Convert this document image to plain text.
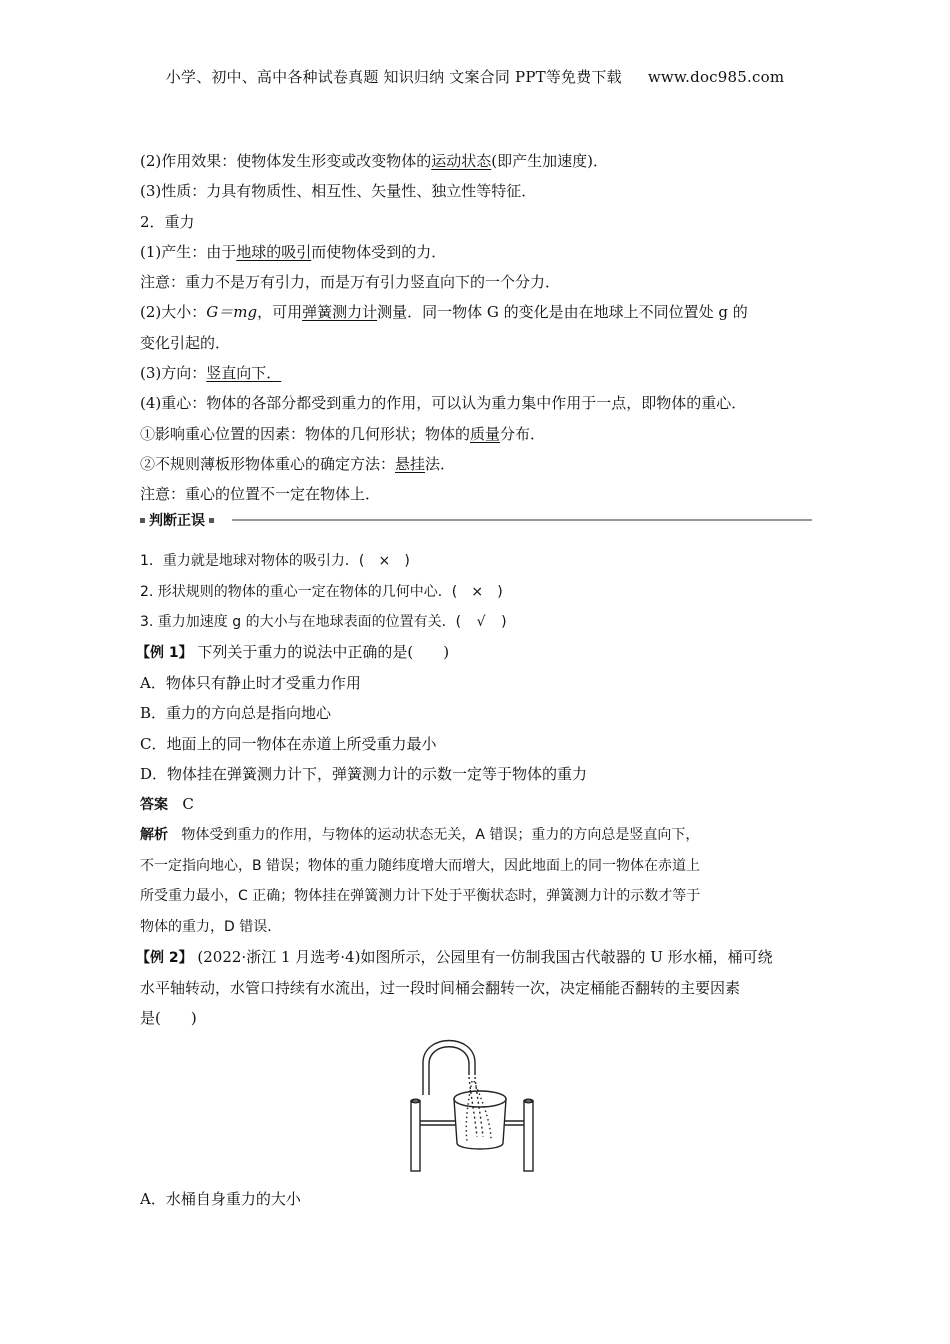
小学、初中、高中各种试卷真题 知识归纳 文案合同 PPT等免费下载 www.doc985.com
(2)作用效果：使物体发生形变或改变物体的运动状态(即产生加速度)．
(3)性质：力具有物质性、相互性、矢量性、独立性等特征．
2．重力
(1)产生：由于地球的吸引而使物体受到的力．
注意：重力不是万有引力，而是万有引力竖直向下的一个分力．
(2)大小：G＝mg，可用弹簧测力计测量．同一物体 G 的变化是由在地球上不同位置处 g 的
变化引起的．
(3)方向：竖直向下．
(4)重心：物体的各部分都受到重力的作用，可以认为重力集中作用于一点，即物体的重心．
①影响重心位置的因素：物体的几何形状；物体的质量分布．
②不规则薄板形物体重心的确定方法：悬挂法．
注意：重心的位置不一定在物体上．
判断正误
1．重力就是地球对物体的吸引力．( × )
2. 形状规则的物体的重心一定在物体的几何中心．( × )
3. 重力加速度 g 的大小与在地球表面的位置有关．( √ )
【例 1】 下列关于重力的说法中正确的是(　　)
A．物体只有静止时才受重力作用
B．重力的方向总是指向地心
C．地面上的同一物体在赤道上所受重力最小
D．物体挂在弹簧测力计下，弹簧测力计的示数一定等于物体的重力
答案 C
解析 物体受到重力的作用，与物体的运动状态无关，A 错误；重力的方向总是竖直向下，
不一定指向地心，B 错误；物体的重力随纬度增大而增大，因此地面上的同一物体在赤道上
所受重力最小，C 正确；物体挂在弹簧测力计下处于平衡状态时，弹簧测力计的示数才等于
物体的重力，D 错误．
【例 2】 (2022·浙江 1 月选考·4)如图所示，公园里有一仿制我国古代攲器的 U 形水桶，桶可绕
水平轴转动，水管口持续有水流出，过一段时间桶会翻转一次，决定桶能否翻转的主要因素
是(　　)
A．水桶自身重力的大小
